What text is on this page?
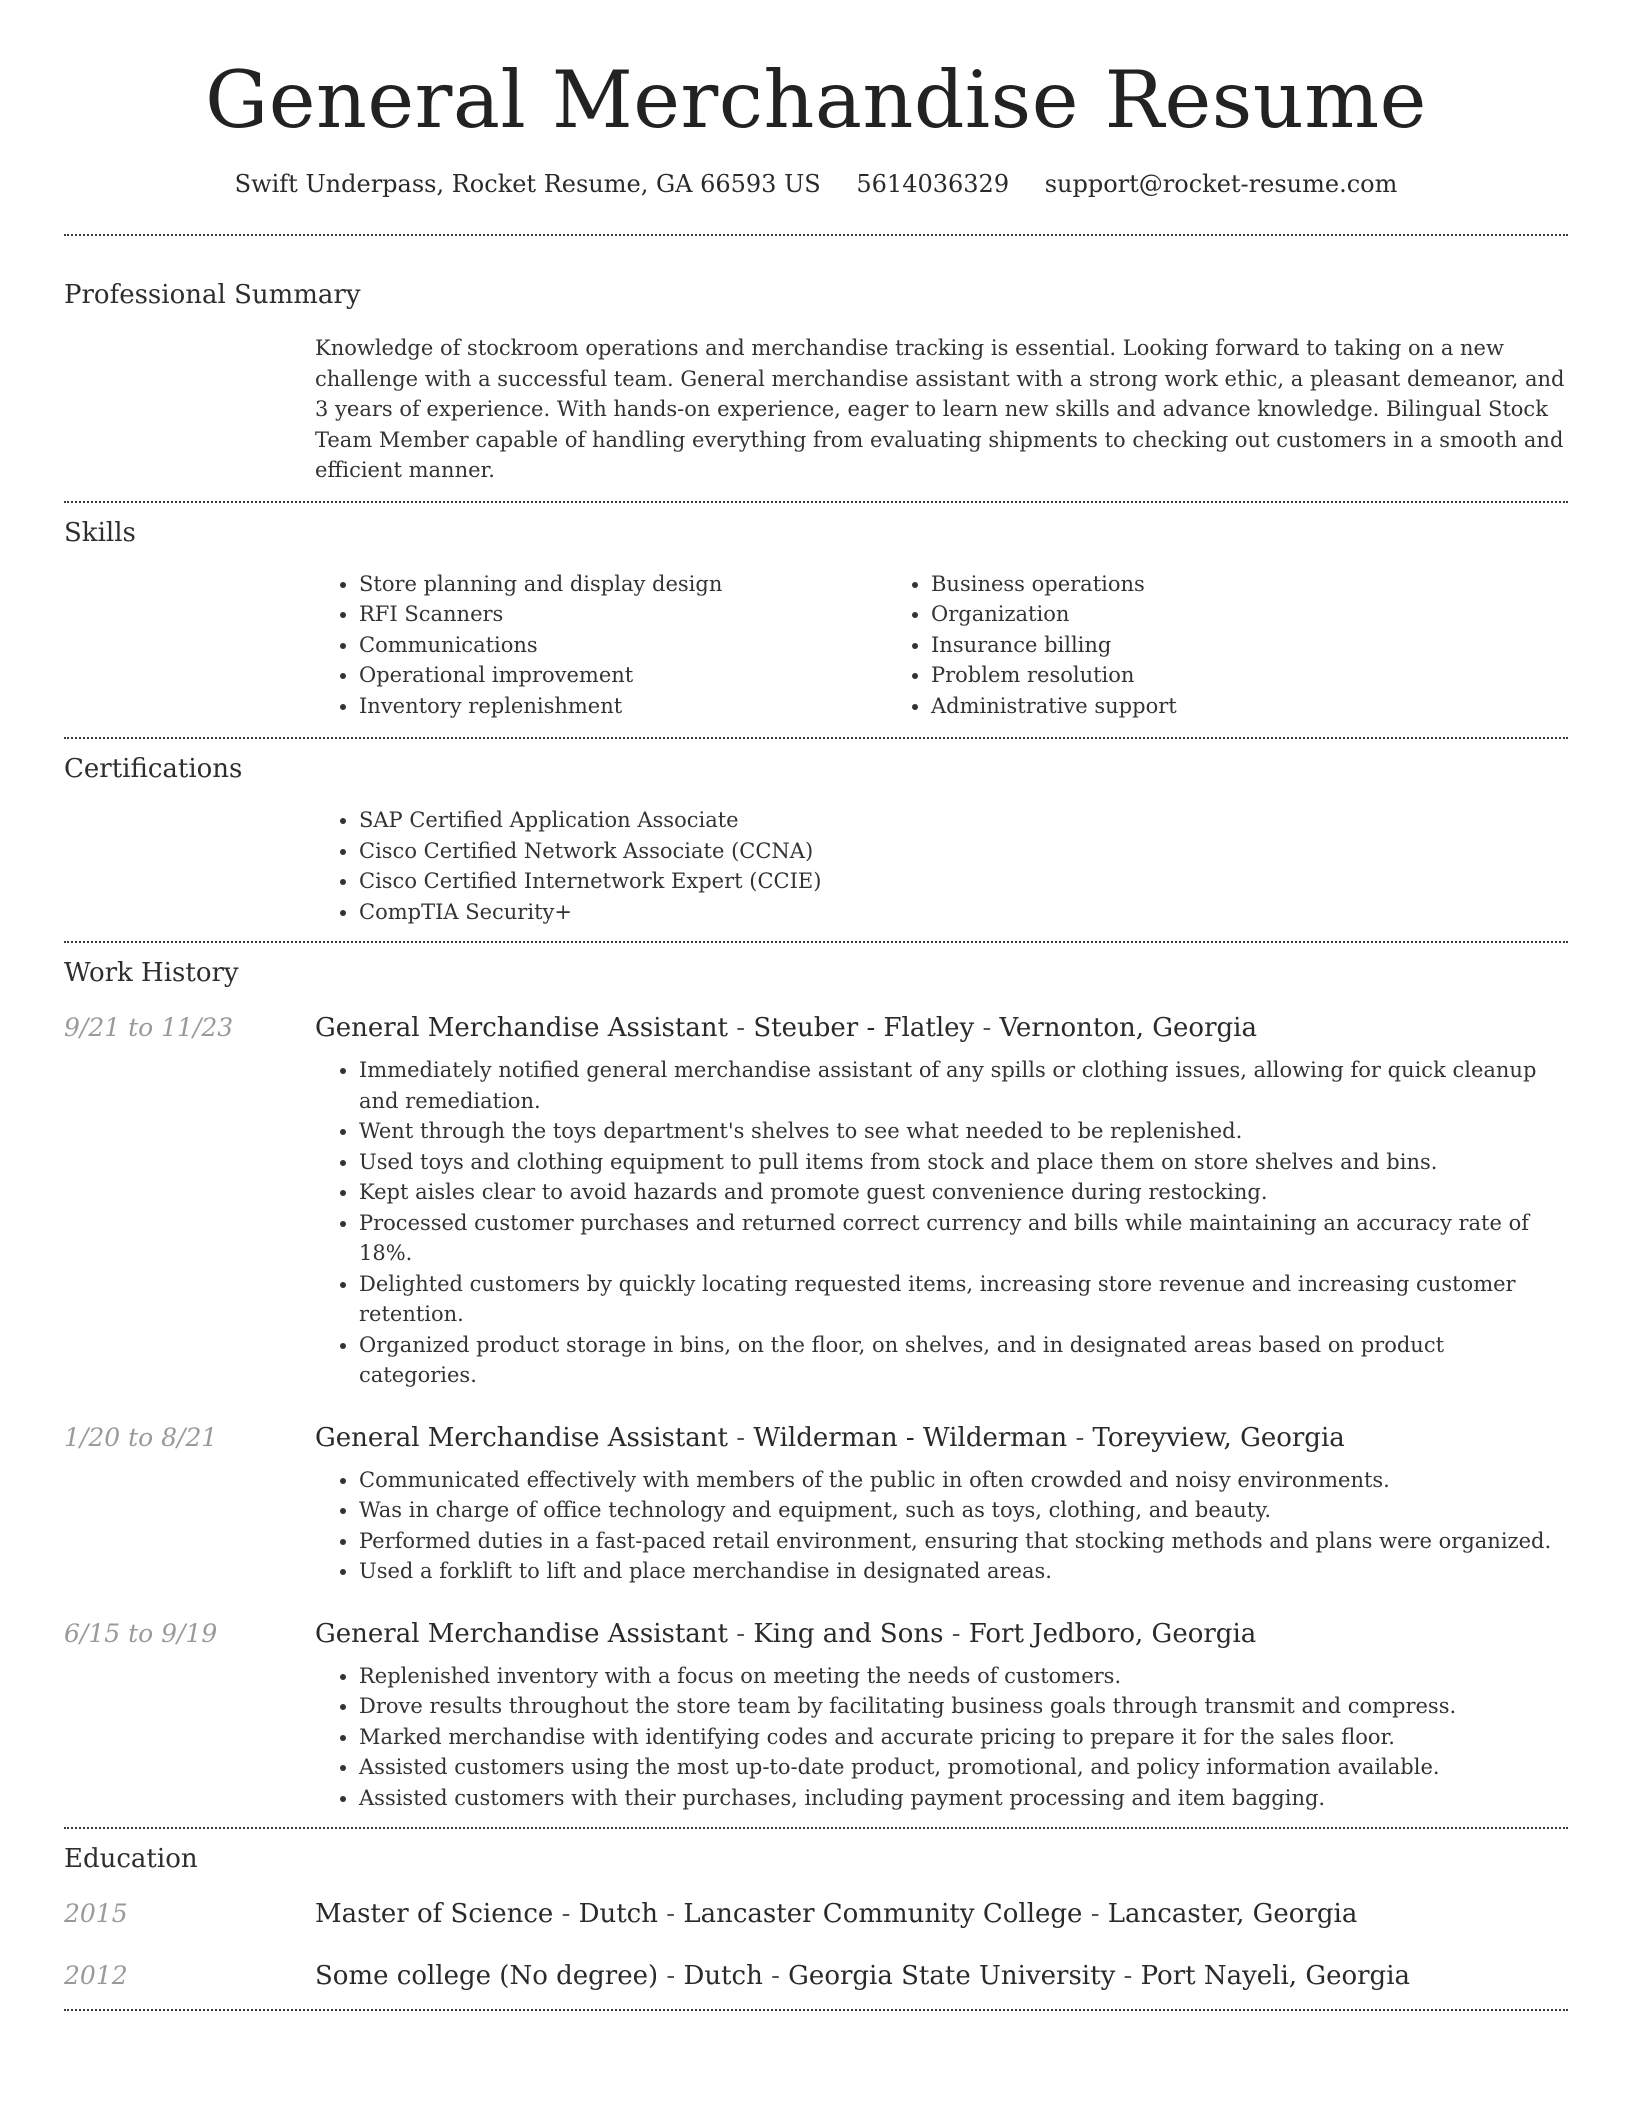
General Merchandise Resume
Swift Underpass, Rocket Resume, GA 66593 US 5614036329 support@rocket-resume.com
Professional Summary

Knowledge of stockroom operations and merchandise tracking is essential. Looking forward to taking on a new challenge with a successful team. General merchandise assistant with a strong work ethic, a pleasant demeanor, and 3 years of experience. With hands-on experience, eager to learn new skills and advance knowledge. Bilingual Stock Team Member capable of handling everything from evaluating shipments to checking out customers in a smooth and efficient manner.

Skills
• Store planning and display design
• RFI Scanners
• Communications
• Operational improvement
• Inventory replenishment
• Business operations
• Organization
• Insurance billing
• Problem resolution
• Administrative support
Certifications
• SAP Certified Application Associate
• Cisco Certified Network Associate (CCNA)
• Cisco Certified Internetwork Expert (CCIE)
• CompTIA Security+
Work History
9/21 to 11/23	General Merchandise Assistant - Steuber - Flatley - Vernonton, Georgia
• Immediately notified general merchandise assistant of any spills or clothing issues, allowing for quick cleanup and remediation.
• Went through the toys department's shelves to see what needed to be replenished.
• Used toys and clothing equipment to pull items from stock and place them on store shelves and bins.
• Kept aisles clear to avoid hazards and promote guest convenience during restocking.
• Processed customer purchases and returned correct currency and bills while maintaining an accuracy rate of 18%.
• Delighted customers by quickly locating requested items, increasing store revenue and increasing customer retention.
• Organized product storage in bins, on the floor, on shelves, and in designated areas based on product categories.
1/20 to 8/21	General Merchandise Assistant - Wilderman - Wilderman - Toreyview, Georgia
• Communicated effectively with members of the public in often crowded and noisy environments.
• Was in charge of office technology and equipment, such as toys, clothing, and beauty.
• Performed duties in a fast-paced retail environment, ensuring that stocking methods and plans were organized.
• Used a forklift to lift and place merchandise in designated areas.
6/15 to 9/19	General Merchandise Assistant - King and Sons - Fort Jedboro, Georgia
• Replenished inventory with a focus on meeting the needs of customers.
• Drove results throughout the store team by facilitating business goals through transmit and compress.
• Marked merchandise with identifying codes and accurate pricing to prepare it for the sales floor.
• Assisted customers using the most up-to-date product, promotional, and policy information available.
• Assisted customers with their purchases, including payment processing and item bagging.
Education
2015	Master of Science - Dutch - Lancaster Community College - Lancaster, Georgia
2012	Some college (No degree) - Dutch - Georgia State University - Port Nayeli, Georgia
